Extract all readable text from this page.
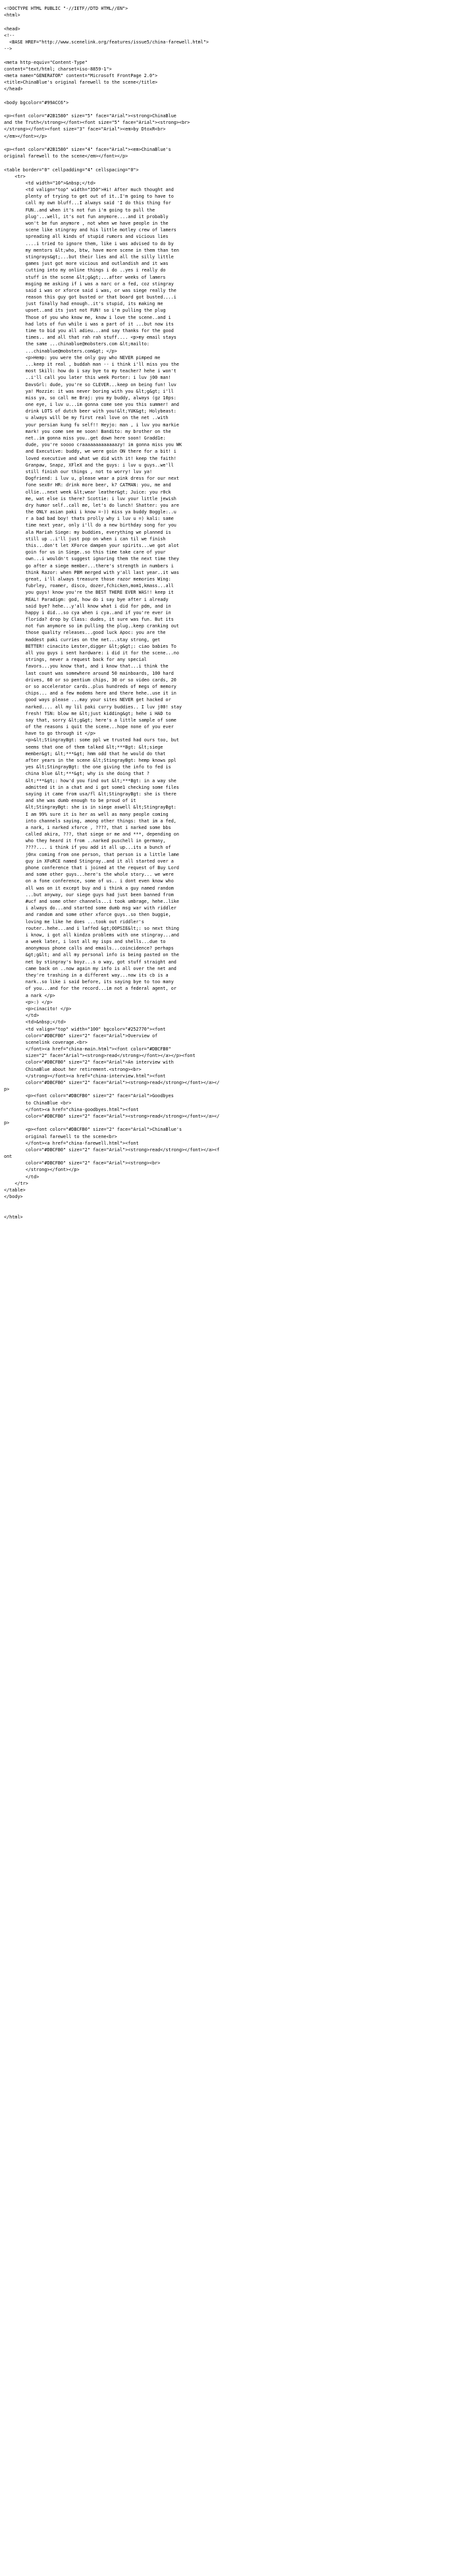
<!DOCTYPE HTML PUBLIC "-//IETF//DTD HTML//EN">
<html>

<head>
<!--
<BASE HREF="http://www.scenelink.org/features/issue5/china-farewell.html">
-->

<meta http-equiv="Content-Type"
content="text/html; charset=iso-8859-1">
<meta name="GENERATOR" content="Microsoft FrontPage 2.0">
<title>ChinaBlue's original farewell to the scene</title>
</head>

<body bgcolor="#99ACC6">

<p><font color="#2B1580" size="5" face="Arial"><strong>ChinaBlue
and the Truth</strong></font><font size="5" face="Arial"><strong><br>
</strong></font><font size="3" face="Arial"><em>by DtoxR<br>
</em></font></p>

<p><font color="#2B1580" size="4" face="Arial"><em>ChinaBlue's
original farewell to the scene</em></font></p>

<table border="0" cellpadding="4" cellspacing="0">
<tr>
<td width="10">&nbsp;</td>
<td valign="top" width="350">Hi! After much thought and
plenty of trying to get out of it..I'm going to have to
call my own bluff...I always said 'I do this thing for
FUN..and when it's not fun i'm going to pull the
plug'...well, it's not fun anymore....and it probably
won't be fun anymore , not when we have people in the
scene like stingray and his little motley crew of lamers
spreading all kinds of stupid rumors and vicious lies
....i tried to ignore them, like i was advised to do by
my mentors &lt;who, btw, have more scene in them than ten
stingrays&gt;...but their lies and all the silly little
games just got more vicious and outlandish and it was
cutting into my online things i do ..yes i really do
stuff in the scene &lt;g&gt;...after weeks of lamers
msging me asking if i was a narc or a fed, coz stingray
said i was or xforce said i was, or was siege really the
reason this guy got busted or that board got busted....i
just finally had enough..it's stupid, its making me
upset..and its just not FUN! so i'm pulling the plug
Those of you who know me, know i love the scene..and i
had lots of fun while i was a part of it ...but now its
time to bid you all adieu...and say thanks for the good
times.. and all that rah rah stuff.... <p>my email stays
the same ...chinablue@mobsters.com &lt;mailto:
...chinablue@mobsters.com&gt; </p>
<p>Hemp: you were the only guy who NEVER pimped me
...keep it real , buddah man -- i think i'll miss you the
most Skill: how do i say bye to my teacher? hehe i won't
..i'll call you later this week Porter: i luv j00 man!
DavsGrl: dude, you're so CLEVER...keep on being fun! luv
ya! Mozzie: it was never boring with you &lt;g&gt; i'll
miss ya, so call me Braj: you my buddy, always (gz 10ps:
one eye, i luv u...im gonna come see you this summer! and
drink LOTS of dutch beer with you!&lt;YUK&gt; Holybeast:
u always will be my first real love on the net ..with
your persian kung fu self!! Heyjo: man , i luv you markie
mark! you come see me soon! Bandito: my brother on the
net..im gonna miss you..get down here soon! Gradd1e:
dude, you're soooo craaaaaaaaaaaaazy! im gonna miss you WK
and Executive: buddy, we were goin ON there for a bit! i
loved executive and what we did with it! keep the faith!
Granpaw, Snapz, XFleX and the guys: i luv u guys..we'll
still finish our things , not to worry! luv ya!
Dogfriend: i luv u, please wear a pink dress for our next
fone sex0r HR: drink more beer, k? CATMAN: you, me and
ollie...next week &lt;wear leather&gt; Juice: you r0ck
me, wat else is there? Scottie: i luv your little jewish
dry humor self..call me, let's do lunch! Shatter: you are
the ONLY asian paki i know =-)) miss ya buddy Boggle:..u
r a bad bad boy! thats prolly why i luv u =) kali: same
time next year, only i'll do a new birthday song for you
ala Mariah Siege: my buddies, everything we planned is
still up ..i'll just pop on when i can til we finish
this...don't let XForce dampen your spirits...we got alot
goin for us in Siege..so this time take care of your
own...i wouldn't suggest ignoring them the next time they
go after a siege member...there's strength in numbers i
think Razor: when PBM merged with y'all last year..it was
great, i'll always treasure those razor memories Wing:
fubrley, roamer, disco, dozer,fchicken,mom1,kmass...all
you guys! know you're the BEST THERE EVER WAS!! keep it
REAL! Paradigm: god, how do i say bye after i already
said bye? hehe...y'all know what i did for pdm, and in
happy i did...so cya when i cya..and if you're ever in
florida? drop by Class: dudes, it sure was fun. But its
not fun anymore so im pulling the plug..keep cranking out
those quality releases...good luck Apoc: you are the
maddest paki curries on the net...stay strong, get
BETTER! cinacito Lester,digger &lt;g&gt;: ciao babies To
all you guys i sent hardware: i did it for the scene...no
strings, never a request back for any special
favors...you know that, and i know that...i think the
last count was somewhere around 50 mainboards, 100 hard
drives, 60 or so pentium chips, 30 or so video cards, 20
or so accelerator cards..plus hundreds of megs of memory
chips... and a few modems here and there hehe..use it in
good ways please ...may your sites NEVER get hacked or
narked.... all my lil paki curry buddies.. I luv j00! stay
fresh! TSN: blow me &lt;just kidding&gt; hehe i HAD to
say that, sorry &lt;g&gt; here's a little sample of some
of the reasons i quit the scene...hope none of you ever
have to go through it </p>
<p>&lt;StingrayBgt: some ppl we trusted had ours too, but
seems that one of them talked &lt;***Bgt: &lt;siege
member&gt; &lt;***&gt; hmm odd that he would do that
after years in the scene &lt;StingrayBgt: hemp knows ppl
yes &lt;StingrayBgt: the one giving the info to fed is
china blue &lt;***&gt; why is she doing that ?
&lt;***&gt;: how'd you find out &lt;***Bgt: in a way she
admitted it in a chat and i got some1 checking some files
saying it came from usa/fl &lt;StingrayBgt: she is there
and she was dumb enough to be proud of it
&lt;StingrayBgt: she is in siege aswell &lt;StingrayBgt:
I am 99% sure it is her as well as many people coming
into channels saying, among other things: that im a fed,
a nark, i narked xforce , ????, that i narked some bbs
called akira, ???, that siege or me and ***, depending on
who they heard it from ..narked puschell in germany,
????.... i think if you add it all up...its a bunch of
j0nx coming from one person, that person is a little lame
guy in XFoRCE named Stingray..and it all started over a
phone conference that i joined at the request of Buy Lord
and some other guys...here's the whole story... we were
on a fone conference, some of us.. i dont even know who
all was on it except buy and i think a guy named random
...but anyway, our siege guys had just been banned from
#ucf and some other channels...i took umbrage, hehe..like
i always do...and started some dumb msg war with riddler
and random and some other xforce guys..so then buggie,
loving me like he does ...took out riddler's
router..hehe...and i laffed &gt;OOPSIE&lt;: so next thing
i know, i got all kindza problems with one stingray...and
a week later, i lost all my isps and shells...due to
anonymous phone calls and emails...coincidence? perhaps
&gt;g&lt; and all my personal info is being pasted on the
net by stingray's boyz...s o way, got stuff straight and
came back on ..now again my info is all over the net and
they're trashing in a different way...now its cb is a
nark..so like i said before, its saying bye to too many
of you...and for the record...im not a federal agent, or
a nark </p>
<p>:) </p>
<p>cinacito! </p>
</td>
<td>&nbsp;</td>
<td valign="top" width="100" bgcolor="#252770"><font
color="#DBCFB0" size="2" face="Arial">Overview of
scenelink coverage.<br>
</font><a href="china-main.html"><font color="#DBCFB0"
size="2" face="Arial"><strong>read</strong></font></a></p><font
color="#DBCFB0" size="2" face="Arial">An interview with
ChinaBlue about her retirement.<strong><br>
</strong></font><a href="china-interview.html"><font
color="#DBCFB0" size="2" face="Arial"><strong>read</strong></font></a></
p>
<p><font color="#DBCFB0" size="2" face="Arial">Goodbyes
to ChinaBlue <br>
</font><a href="china-goodbyes.html"><font
color="#DBCFB0" size="2" face="Arial"><strong>read</strong></font></a></
p>
<p><font color="#DBCFB0" size="2" face="Arial">ChinaBlue's
original farewell to the scene<br>
</font><a href="china-farewell.html"><font
color="#DBCFB0" size="2" face="Arial"><strong>read</strong></font></a><f
ont
color="#DBCFB0" size="2" face="Arial"><strong><br>
</strong></font></p>
</td>
</tr>
</table>
</body>

</html>
